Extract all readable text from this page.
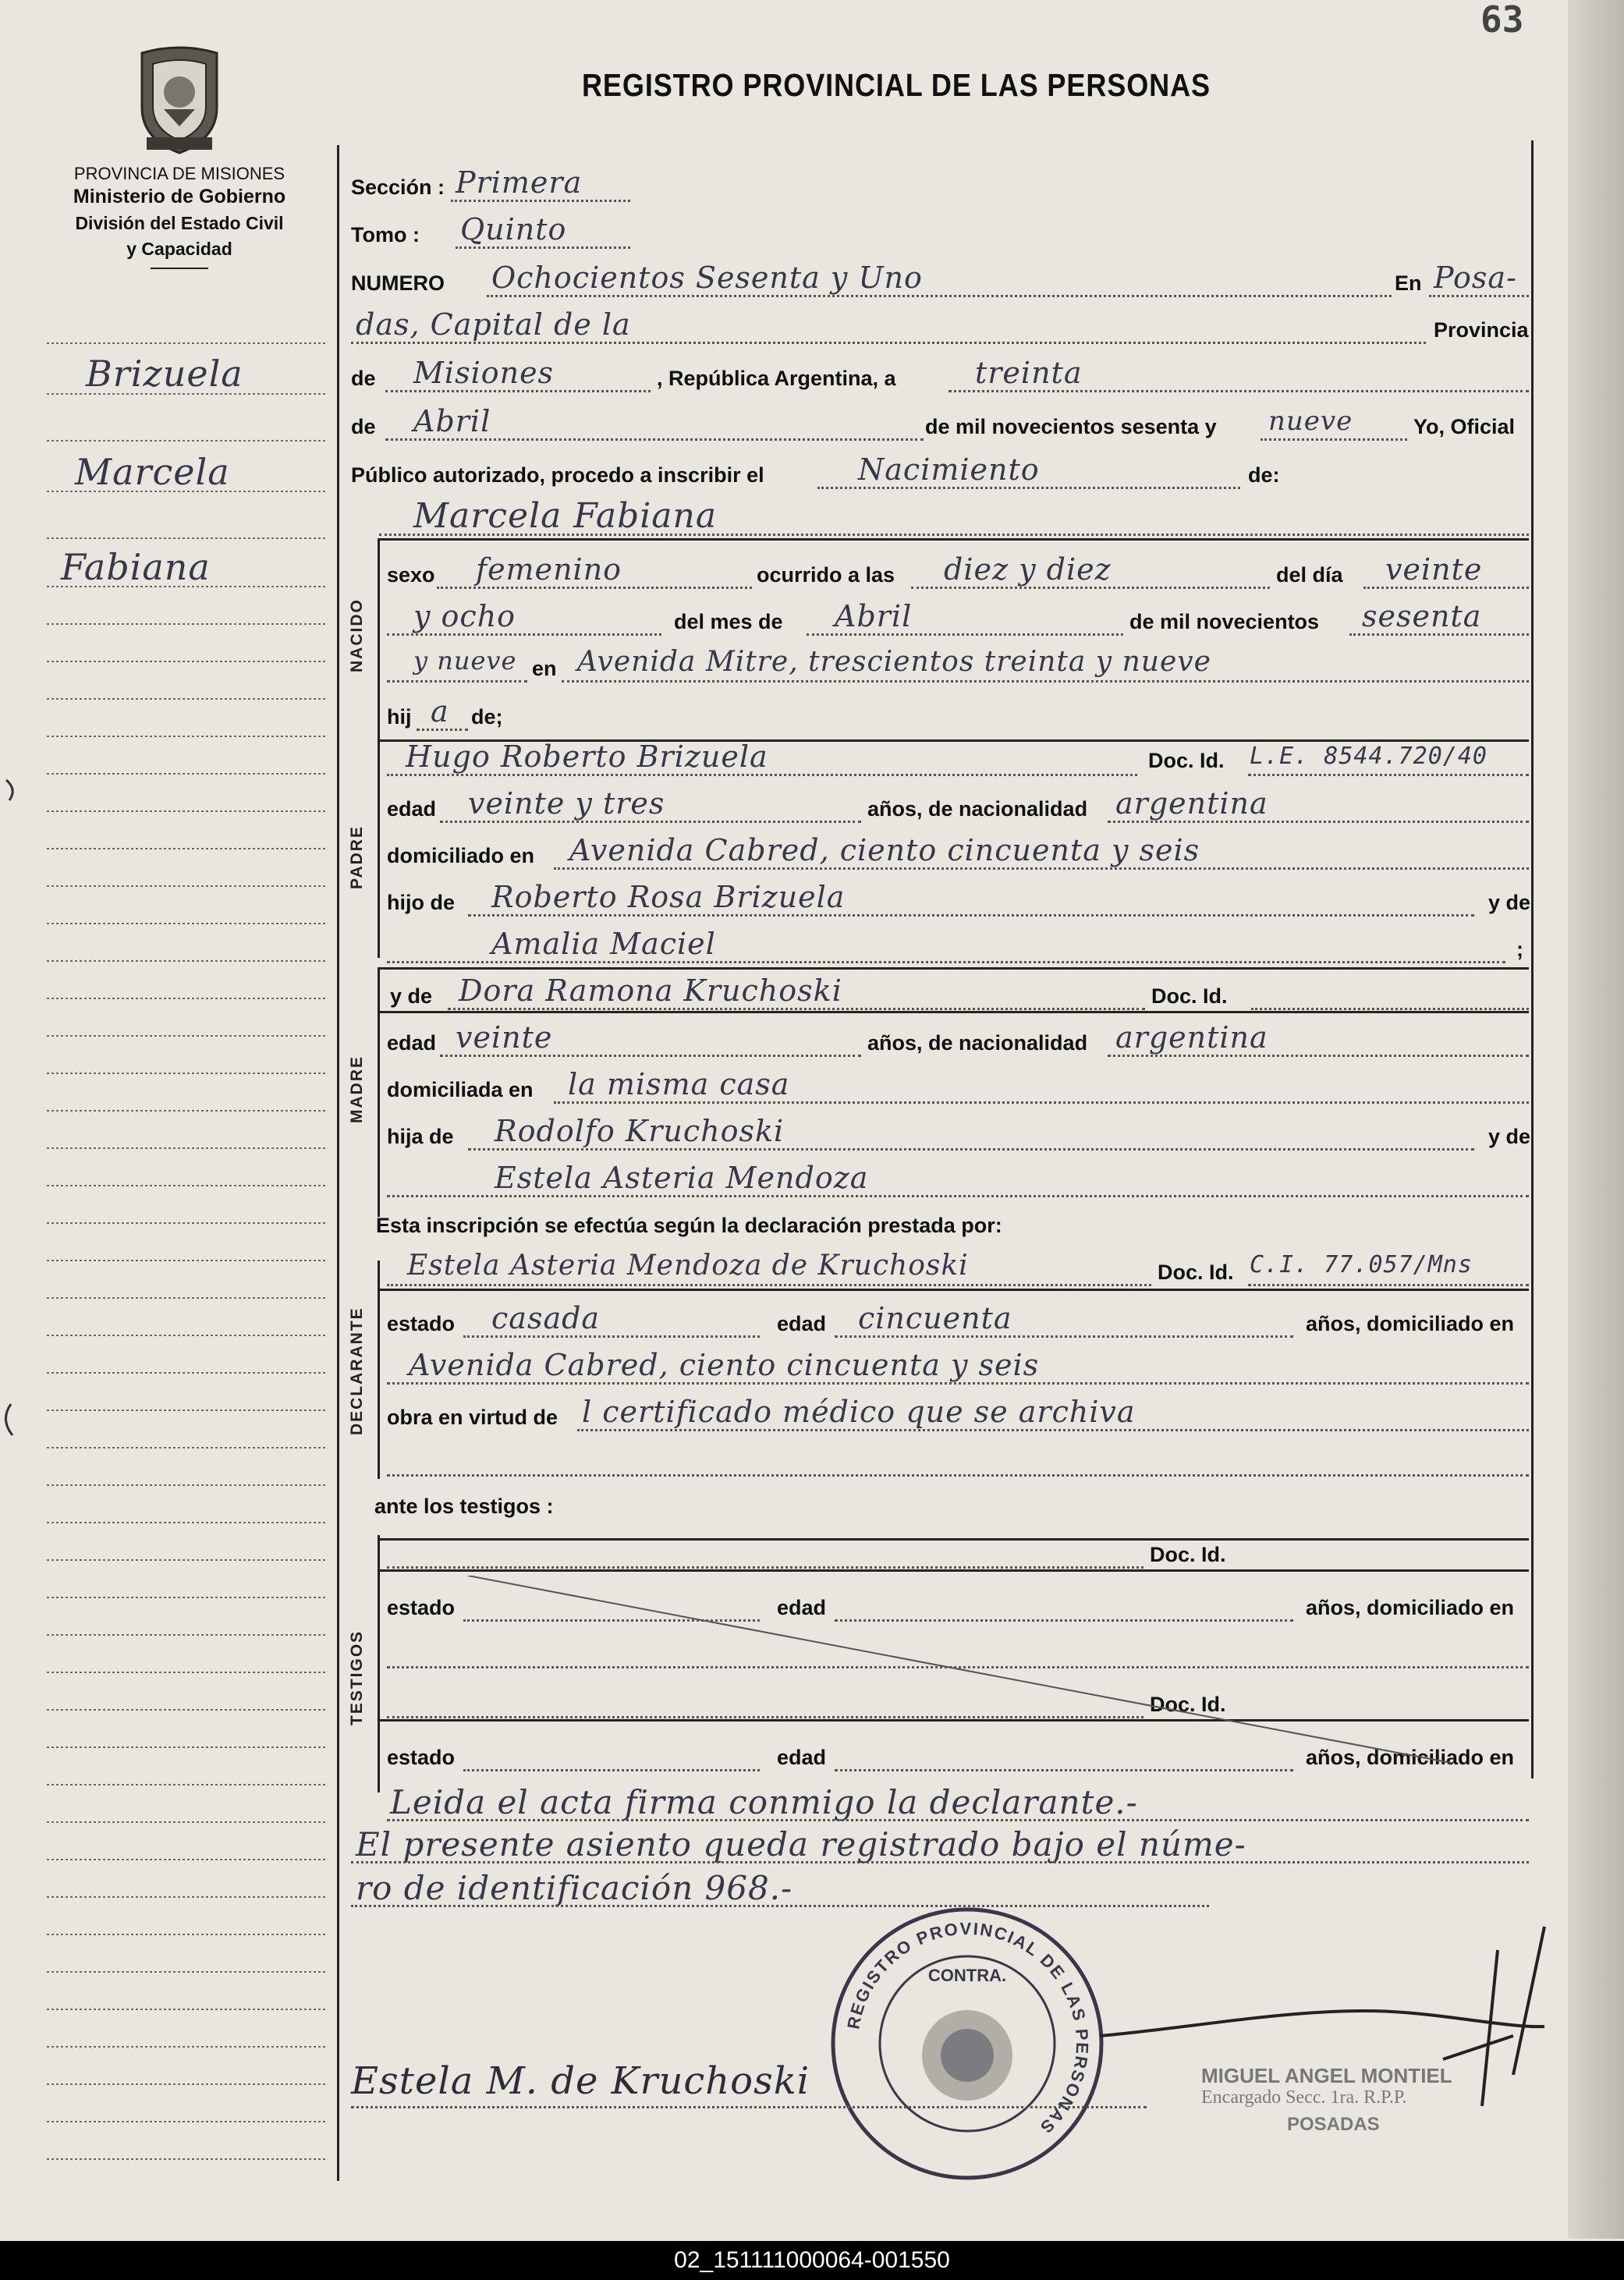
63
REGISTRO PROVINCIAL DE LAS PERSONAS
PROVINCIA DE MISIONES
Ministerio de Gobierno
División del Estado Civil
y Capacidad
Brizuela
Marcela
Fabiana
Sección : Primera
Tomo : Quinto
NUMERO Ochocientos Sesenta y Uno	En Posa-
das, Capital de la	Provincia
de Misiones	, República Argentina, a	treinta
de Abril	de mil novecientos sesenta y nueve	Yo, Oficial
Público autorizado, procedo a inscribir el	Nacimiento	de:
Marcela Fabiana
NACIDO
sexo femenino	ocurrido a las diez y diez	del día veinte
y ocho	del mes de Abril	de mil novecientos sesenta
y nueve en Avenida Mitre, trescientos treinta y nueve
hij a de;
PADRE
Hugo Roberto Brizuela	Doc. Id. L.E. 8544.720/40
edad veinte y tres	años, de nacionalidad argentina
domiciliado en Avenida Cabred, ciento cincuenta y seis
hijo de Roberto Rosa Brizuela	y de
Amalia Maciel	;
MADRE
y de Dora Ramona Kruchoski	Doc. Id.
edad veinte	años, de nacionalidad argentina
domiciliada en la misma casa
hija de Rodolfo Kruchoski	y de
Estela Asteria Mendoza
Esta inscripción se efectúa según la declaración prestada por:
Estela Asteria Mendoza de Kruchoski	Doc. Id. C.I. 77.057/Mns
DECLARANTE estado casada	edad cincuenta	años, domiciliado en
Avenida Cabred, ciento cincuenta y seis
obra en virtud de l certificado médico que se archiva
ante los testigos :
TESTIGOS
Doc. Id.
estado	edad	años, domiciliado en
Doc. Id.
estado	edad	años, domiciliado en
Leida el acta firma conmigo la declarante.-
El presente asiento queda registrado bajo el núme-
ro de identificación 968.-
REGISTRO PROVINCIAL DE LAS PERSONAS
CONTRA.
MIGUEL ANGEL MONTIEL
Encargado Secc. 1ra. R.P.P.
POSADAS
Estela M. de Kruchoski
02_151111000064-001550
